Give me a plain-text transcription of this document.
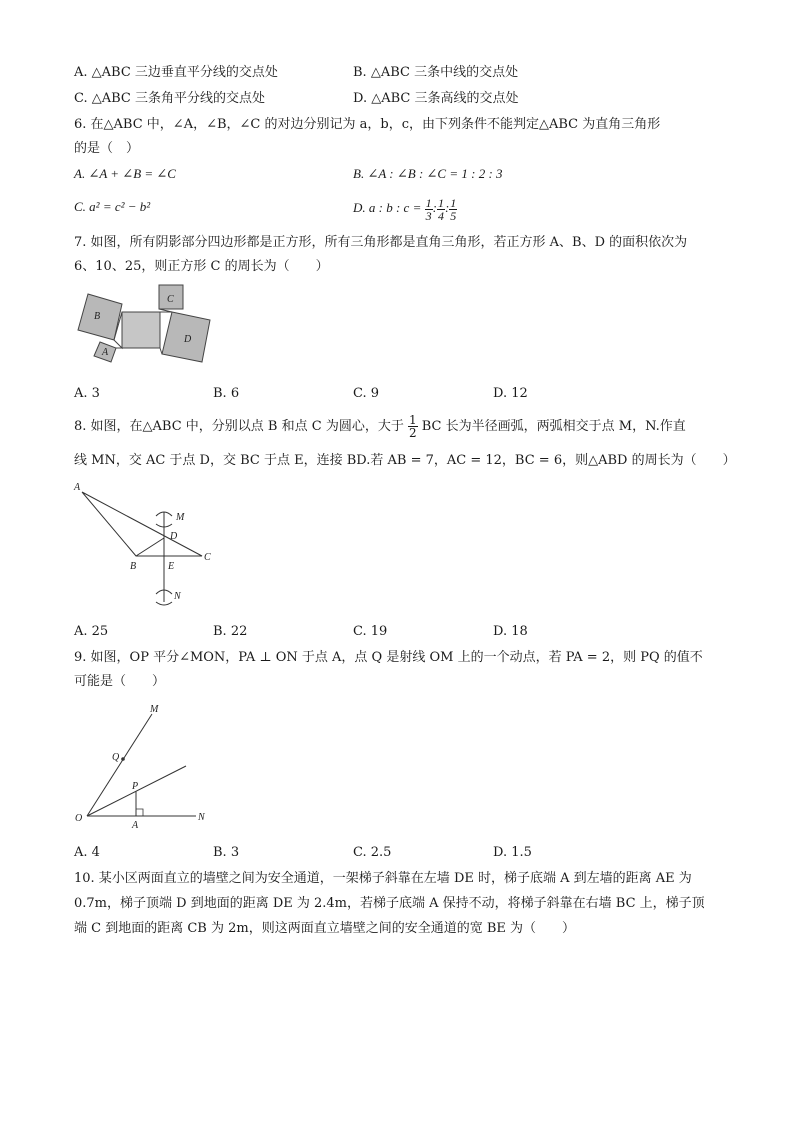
A. △ABC 三边垂直平分线的交点处	B. △ABC 三条中线的交点处
C. △ABC 三条角平分线的交点处	D. △ABC 三条高线的交点处
6. 在△ABC 中，∠A，∠B，∠C 的对边分别记为 a，b，c，由下列条件不能判定△ABC 为直角三角形
的是（　）
A. ∠A + ∠B = ∠C	B. ∠A : ∠B : ∠C = 1 : 2 : 3
C. a² = c² − b²	D. a : b : $c = \frac{1}{3}$ : $\frac{1}{4}$ : $\frac{1}{5}$
7. 如图，所有阴影部分四边形都是正方形，所有三角形都是直角三角形，若正方形 A、B、D 的面积依次为
6、10、25，则正方形 C 的周长为（　　）
B
C
A
D
A. 3	B. 6	C. 9	D. 12
8. 如图，在△ABC 中，分别以点 B 和点 C 为圆心，大于 $\frac{1}{2}$ BC 长为半径画弧，两弧相交于点 M，N.作直
线 MN，交 AC 于点 D，交 BC 于点 E，连接 BD.若 AB = 7，AC = 12，BC = 6，则△ABD 的周长为（　　）
A
M
D
C
B	E
N
A. 25	B. 22	C. 19	D. 18
9. 如图，OP 平分∠MON，PA ⊥ ON 于点 A，点 Q 是射线 OM 上的一个动点，若 PA = 2，则 PQ 的值不
可能是（　　）
M
Q
P
O
A
N
A. 4	B. 3	C. 2.5	D. 1.5
10. 某小区两面直立的墙壁之间为安全通道，一架梯子斜靠在左墙 DE 时，梯子底端 A 到左墙的距离 AE 为
0.7m，梯子顶端 D 到地面的距离 DE 为 2.4m，若梯子底端 A 保持不动，将梯子斜靠在右墙 BC 上，梯子顶
端 C 到地面的距离 CB 为 2m，则这两面直立墙壁之间的安全通道的宽 BE 为（　　）
